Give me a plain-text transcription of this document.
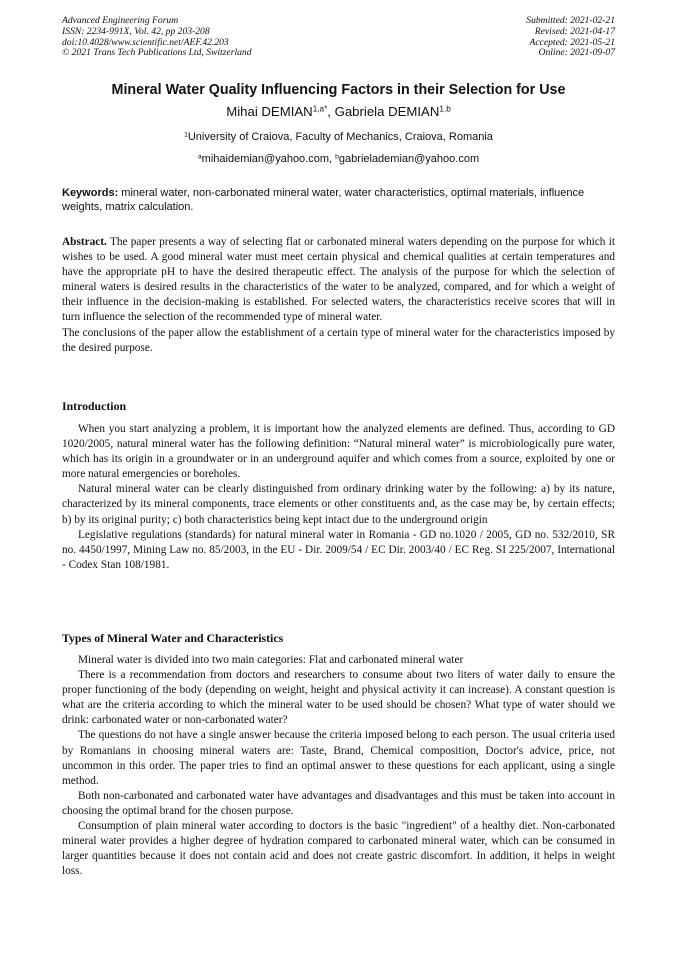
Advanced Engineering Forum
ISSN: 2234-991X, Vol. 42, pp 203-208
doi:10.4028/www.scientific.net/AEF.42.203
© 2021 Trans Tech Publications Ltd, Switzerland
Submitted: 2021-02-21
Revised: 2021-04-17
Accepted: 2021-05-21
Online: 2021-09-07
Mineral Water Quality Influencing Factors in their Selection for Use
Mihai $DEMIAN^{1,a*}$, Gabriela DEMIAN$^{1,b}$
$^1$University of Craiova, Faculty of Mechanics, Craiova, Romania
$^a$mihaidemian@yahoo.com, $^b$gabrielademian@yahoo.com
Keywords: mineral water, non-carbonated mineral water, water characteristics, optimal materials, influence weights, matrix calculation.

Abstract. The paper presents a way of selecting flat or carbonated mineral waters depending on the purpose for which it wishes to be used. A good mineral water must meet certain physical and chemical qualities at certain temperatures and have the appropriate pH to have the desired therapeutic effect. The analysis of the purpose for which the selection of mineral waters is desired results in the characteristics of the water to be analyzed, compared, and for which a weight of their influence in the decision-making is established. For selected waters, the characteristics receive scores that will in turn influence the selection of the recommended type of mineral water.

The conclusions of the paper allow the establishment of a certain type of mineral water for the characteristics imposed by the desired purpose.

Introduction

When you start analyzing a problem, it is important how the analyzed elements are defined. Thus, according to GD 1020/2005, natural mineral water has the following definition: “Natural mineral water” is microbiologically pure water, which has its origin in a groundwater or in an underground aquifer and which comes from a source, exploited by one or more natural emergencies or boreholes.

Natural mineral water can be clearly distinguished from ordinary drinking water by the following: a) by its nature, characterized by its mineral components, trace elements or other constituents and, as the case may be, by certain effects; b) by its original purity; c) both characteristics being kept intact due to the underground origin

Legislative regulations (standards) for natural mineral water in Romania - GD no.1020 / 2005, GD no. 532/2010, SR no. 4450/1997, Mining Law no. 85/2003, in the EU - Dir. 2009/54 / EC Dir. 2003/40 / EC Reg. SI 225/2007, International - Codex Stan 108/1981.

Types of Mineral Water and Characteristics

Mineral water is divided into two main categories: Flat and carbonated mineral water

There is a recommendation from doctors and researchers to consume about two liters of water daily to ensure the proper functioning of the body (depending on weight, height and physical activity it can increase). A constant question is what are the criteria according to which the mineral water to be used should be chosen? What type of water should we drink: carbonated water or non-carbonated water?

The questions do not have a single answer because the criteria imposed belong to each person. The usual criteria used by Romanians in choosing mineral waters are: Taste, Brand, Chemical composition, Doctor's advice, price, not uncommon in this order. The paper tries to find an optimal answer to these questions for each applicant, using a single method.

Both non-carbonated and carbonated water have advantages and disadvantages and this must be taken into account in choosing the optimal brand for the chosen purpose.

Consumption of plain mineral water according to doctors is the basic "ingredient" of a healthy diet. Non-carbonated mineral water provides a higher degree of hydration compared to carbonated mineral water, which can be consumed in larger quantities because it does not contain acid and does not create gastric discomfort. In addition, it helps in weight loss.
